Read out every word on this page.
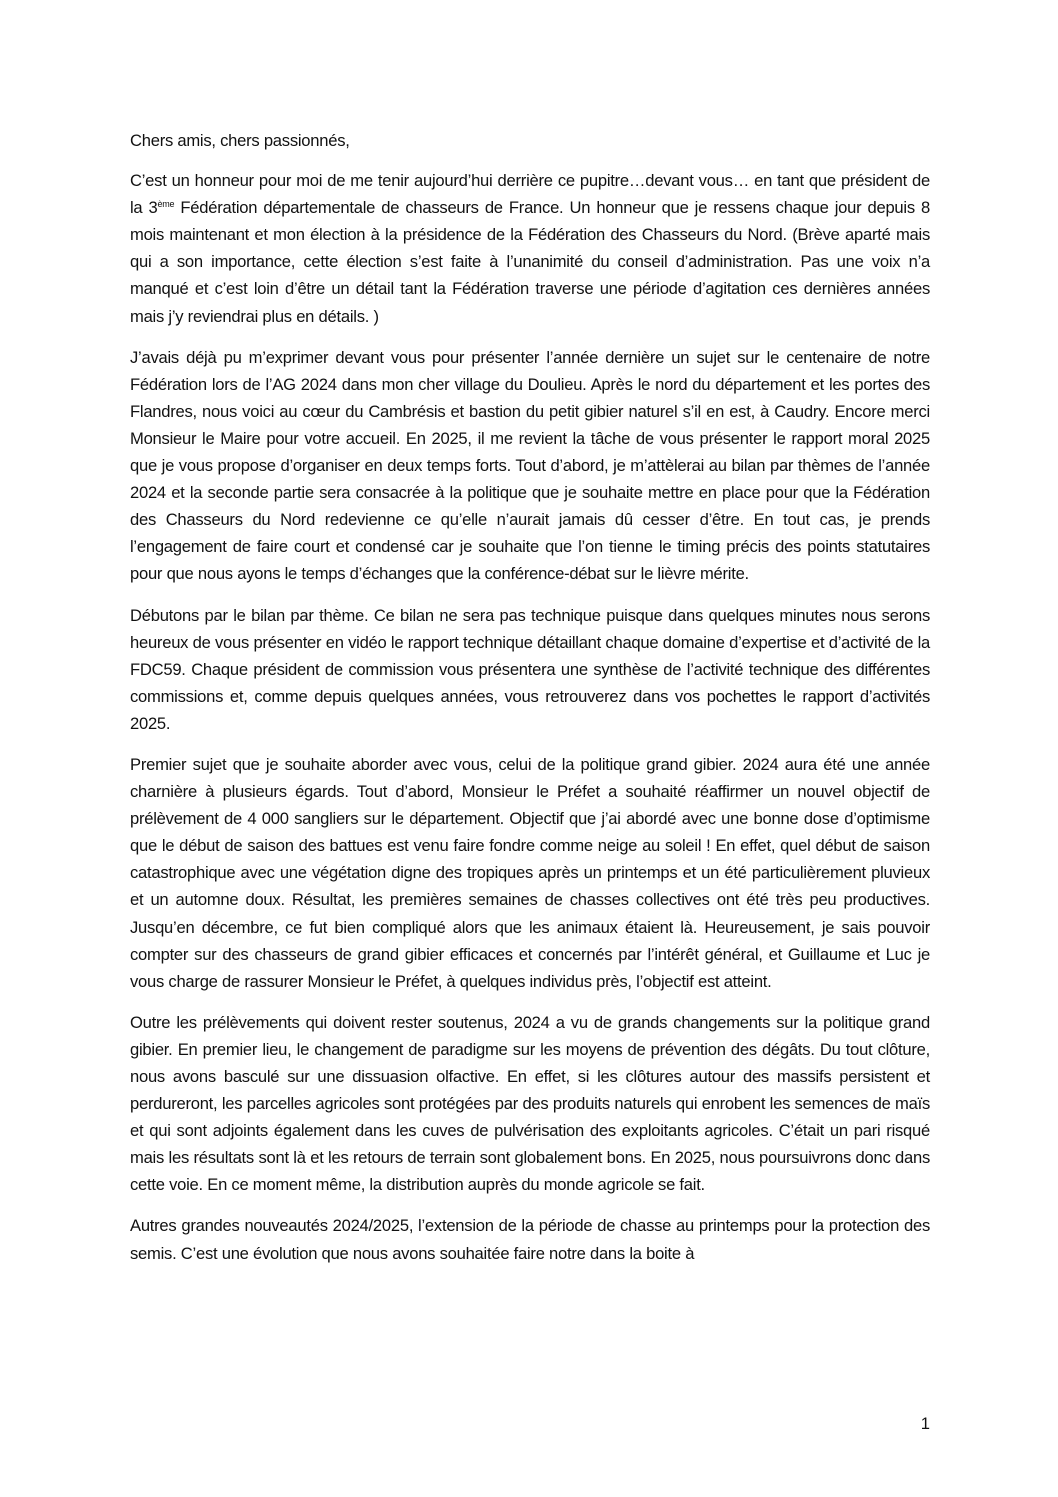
Chers amis, chers passionnés,

C’est un honneur pour moi de me tenir aujourd’hui derrière ce pupitre…devant vous… en tant que président de la 3ème Fédération départementale de chasseurs de France. Un honneur que je ressens chaque jour depuis 8 mois maintenant et mon élection à la présidence de la Fédération des Chasseurs du Nord. (Brève aparté mais qui a son importance, cette élection s’est faite à l’unanimité du conseil d’administration. Pas une voix n’a manqué et c’est loin d’être un détail tant la Fédération traverse une période d’agitation ces dernières années mais j’y reviendrai plus en détails. )

J’avais déjà pu m’exprimer devant vous pour présenter l’année dernière un sujet sur le centenaire de notre Fédération lors de l’AG 2024 dans mon cher village du Doulieu. Après le nord du département et les portes des Flandres, nous voici au cœur du Cambrésis et bastion du petit gibier naturel s’il en est, à Caudry. Encore merci Monsieur le Maire pour votre accueil. En 2025, il me revient la tâche de vous présenter le rapport moral 2025 que je vous propose d’organiser en deux temps forts. Tout d’abord, je m’attèlerai au bilan par thèmes de l’année 2024 et la seconde partie sera consacrée à la politique que je souhaite mettre en place pour que la Fédération des Chasseurs du Nord redevienne ce qu’elle n’aurait jamais dû cesser d’être. En tout cas, je prends l’engagement de faire court et condensé car je souhaite que l’on tienne le timing précis des points statutaires pour que nous ayons le temps d’échanges que la conférence-débat sur le lièvre mérite.

Débutons par le bilan par thème. Ce bilan ne sera pas technique puisque dans quelques minutes nous serons heureux de vous présenter en vidéo le rapport technique détaillant chaque domaine d’expertise et d’activité de la FDC59. Chaque président de commission vous présentera une synthèse de l’activité technique des différentes commissions et, comme depuis quelques années, vous retrouverez dans vos pochettes le rapport d’activités 2025.

Premier sujet que je souhaite aborder avec vous, celui de la politique grand gibier. 2024 aura été une année charnière à plusieurs égards. Tout d’abord, Monsieur le Préfet a souhaité réaffirmer un nouvel objectif de prélèvement de 4 000 sangliers sur le département. Objectif que j’ai abordé avec une bonne dose d’optimisme que le début de saison des battues est venu faire fondre comme neige au soleil ! En effet, quel début de saison catastrophique avec une végétation digne des tropiques après un printemps et un été particulièrement pluvieux et un automne doux. Résultat, les premières semaines de chasses collectives ont été très peu productives. Jusqu’en décembre, ce fut bien compliqué alors que les animaux étaient là. Heureusement, je sais pouvoir compter sur des chasseurs de grand gibier efficaces et concernés par l’intérêt général, et Guillaume et Luc je vous charge de rassurer Monsieur le Préfet, à quelques individus près, l’objectif est atteint.

Outre les prélèvements qui doivent rester soutenus, 2024 a vu de grands changements sur la politique grand gibier. En premier lieu, le changement de paradigme sur les moyens de prévention des dégâts. Du tout clôture, nous avons basculé sur une dissuasion olfactive. En effet, si les clôtures autour des massifs persistent et perdureront, les parcelles agricoles sont protégées par des produits naturels qui enrobent les semences de maïs et qui sont adjoints également dans les cuves de pulvérisation des exploitants agricoles. C’était un pari risqué mais les résultats sont là et les retours de terrain sont globalement bons. En 2025, nous poursuivrons donc dans cette voie. En ce moment même, la distribution auprès du monde agricole se fait.

Autres grandes nouveautés 2024/2025, l’extension de la période de chasse au printemps pour la protection des semis. C’est une évolution que nous avons souhaitée faire notre dans la boite à

1
